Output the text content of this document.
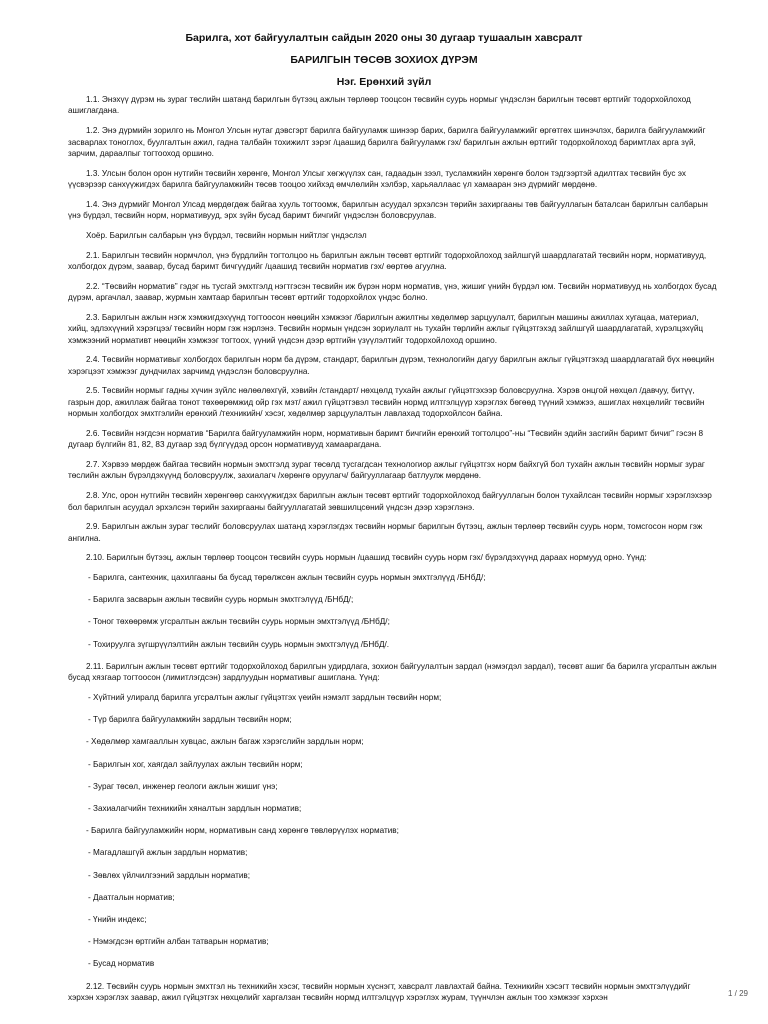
Барилга, хот байгуулалтын сайдын 2020 оны 30 дугаар тушаалын хавсралт

БАРИЛГЫН ТӨСӨВ ЗОХИОХ ДҮРЭМ

Нэг. Ерөнхий зүйл

1.1. Энэхүү дүрэм нь зураг төслийн шатанд барилгын бүтээц ажлын төрлөөр тооцсон төсвийн суурь нормыг үндэслэн барилгын төсөвт өртгийг тодорхойлоход ашиглагдана.

1.2. Энэ дүрмийн зорилго нь Монгол Улсын нутаг дэвсгэрт барилга байгууламж шинээр барих, барилга байгууламжийг өргөтгөх шинэчлэх, барилга байгууламжийг засварлах тоноглох, буулгалтын ажил, гадна талбайн тохижилт зэрэг /цаашид барилга байгууламж гэх/ барилгын ажлын өртгийг тодорхойлоход баримтлах арга зүй, зарчим, дараалпыг тогтооход оршино.

1.3. Улсын болон орон нутгийн төсвийн хөрөнгө, Монгол Улсыг хөгжүүлэх сан, гадаадын зээл, тусламжийн хөрөнгө болон тэдгээртэй адилтгах төсвийн бус эх үүсвэрээр санхүүжигдэх барилга байгууламжийн төсөв тооцоо хийхэд өмчлөлийн хэлбэр, харьяаллаас үл хамааран энэ дүрмийг мөрдөнө.

1.4. Энэ дүрмийг Монгол Улсад мөрдөгдөж байгаа хууль тогтоомж, барилгын асуудал эрхэлсэн төрийн захиргааны төв байгууллагын баталсан барилгын салбарын үнэ бүрдэл, төсвийн норм, нормативууд, эрх зүйн бусад баримт бичгийг үндэслэн боловсруулав.

Хоёр. Барилгын салбарын үнэ бүрдэл, төсвийн нормын нийтлэг үндэслэл

2.1. Барилгын төсвийн нормчлол, үнэ бүрдлийн тогтолцоо нь барилгын ажлын төсөвт өртгийг тодорхойлоход зайлшгүй шаардлагатай төсвийн норм, нормативууд, холбогдох дүрэм, заавар, бусад баримт бичгүүдийг /цаашид төсвийн норматив гэх/ өөртөө агуулна.

2.2. “Төсвийн норматив” гэдэг нь тусгай эмхтгэлд нэгтгэсэн төсвийн иж бүрэн норм норматив, үнэ, жишиг үнийн бүрдэл юм. Төсвийн нормативууд нь холбогдох бусад дүрэм, аргачлал, заавар, журмын хамтаар барилгын төсөвт өртгийг тодорхойлох үндэс болно.

2.3. Барилгын ажлын нэгж хэмжигдэхүүнд тогтоосон нөөцийн хэмжээг /барилгын ажилтны хөдөлмөр зарцуулалт, барилгын машины ажиллах хугацаа, материал, хийц, эдлэхүүний хэрэгцээ/ төсвийн норм гэж нэрлэнэ. Төсвийн нормын үндсэн зориулалт нь тухайн төрлийн ажлыг гүйцэтгэхэд зайлшгүй шаардлагатай, хүрэлцэхүйц хэмжээний нормативт нөөцийн хэмжээг тогтоох, үүний үндсэн дээр өртгийн үзүүлэлтийг тодорхойлоход оршино.

2.4. Төсвийн нормативыг холбогдох барилгын норм ба дүрэм, стандарт, барилгын дүрэм, технологийн дагуу барилгын ажлыг гүйцэтгэхэд шаардлагатай бүх нөөцийн хэрэгцээт хэмжээг дундчилах зарчимд үндэслэн боловсруулна.

2.5. Төсвийн нормыг гадны хүчин зүйлс нөлөөлөхгүй, хэвийн /стандарт/ нөхцөлд тухайн ажлыг гүйцэтгэхээр боловсруулна. Хэрэв онцгой нөхцөл /давчуу, битүү, газрын дор, ажиллаж байгаа тонот төхөөрөмжид ойр гэх мэт/ ажил гүйцэтгэвэл төсвийн нормд илтгэлцүүр хэрэглэх бөгөөд түүний хэмжээ, ашиглах нөхцөлийг төсвийн нормын холбогдох эмхтгэлийн ерөнхий /техникийн/ хэсэг, хөдөлмөр зарцуулалтын лавлахад тодорхойлсон байна.

2.6. Төсвийн нэгдсэн норматив “Барилга байгууламжийн норм, нормативын баримт бичгийн ерөнхий тогтолцоо”-ны “Төсвийн эдийн засгийн баримт бичиг” гэсэн 8 дугаар бүлгийн 81, 82, 83 дугаар зэд бүлгүүдэд орсон нормативууд хамаарагдана.

2.7. Хэрвээ мөрдөж байгаа төсвийн нормын эмхтгэлд зураг төсөлд тусгагдсан технологиор ажлыг гүйцэтгэх норм байхгүй бол тухайн ажлын төсвийн нормыг зураг төслийн ажлын бүрэлдэхүүнд боловсруулж, захиалагч /хөрөнгө оруулагч/ байгууллагаар батлуулж мөрдөнө.

2.8. Улс, орон нутгийн төсвийн хөрөнгөөр санхүүжигдэх барилгын ажлын төсөвт өртгийг тодорхойлоход байгууллагын болон тухайлсан төсвийн нормыг хэрэглэхээр бол барилгын асуудал эрхэлсэн төрийн захиргааны байгууллагатай зөвшилцсөний үндсэн дээр хэрэглэнэ.

2.9. Барилгын ажлын зураг төслийг боловсруулах шатанд хэрэглэгдэх төсвийн нормыг барилгын бүтээц, ажлын төрлөөр төсвийн суурь норм, томсгосон норм гэж ангилна.

2.10. Барилгын бүтээц, ажлын төрлөөр тооцсон төсвийн суурь нормын /цаашид төсвийн суурь норм гэх/ бүрэлдэхүүнд дараах нормууд орно. Үүнд:

- Барилга, сантехник, цахилгааны ба бусад төрөлжсөн ажлын төсвийн суурь нормын эмхтгэлүүд /БНбД/;

- Барилга засварын ажлын төсвийн суурь нормын эмхтгэлүүд /БНбД/;

- Тоног төхөөрөмж угсралтын ажлын төсвийн суурь нормын эмхтгэлүүд /БНбД/;

- Тохируулга зүгшрүүлэлтийн ажлын төсвийн суурь нормын эмхтгэлүүд /БНбД/.

2.11. Барилгын ажлын төсөвт өртгийг тодорхойлоход барилгын удирдлага, зохион байгуулалтын зардал (нэмэгдэл зардал), төсөвт ашиг ба барилга угсралтын ажлын бусад хязгаар тогтоосон (лимитлэгдсэн) зардлуудын нормативыг ашиглана. Үүнд:

- Хүйтний улиралд барилга угсралтын ажлыг гүйцэтгэх үеийн нэмэлт зардлын төсвийн норм;

- Түр барилга байгууламжийн зардлын төсвийн норм;

- Хөдөлмөр хамгааллын хувцас, ажлын багаж хэрэгслийн зардлын норм;

- Барилгын хог, хаягдал зайлуулах ажлын төсвийн норм;

- Зураг төсөл, инженер геологи ажлын жишиг үнэ;

- Захиалагчийн техникийн хяналтын зардлын норматив;

- Барилга байгууламжийн норм, нормативын санд хөрөнгө төвлөрүүлэх норматив;

- Магадлашгүй ажлын зардлын норматив;

- Зөвлөх үйлчилгээний зардлын норматив;

- Даатгалын норматив;

- Үнийн индекс;

- Нэмэгдсэн өртгийн албан татварын норматив;

- Бусад норматив

2.12. Төсвийн суурь нормын эмхтгэл нь техникийн хэсэг, төсвийн нормын хүснэгт, хавсралт лавлахтай байна. Техникийн хэсэгт төсвийн нормын эмхтгэлүүдийг хэрхэн хэрэглэх заавар, ажил гүйцэтгэх нөхцөлийг харгалзан төсвийн нормд илтгэлцүүр хэрэглэх журам, түүнчлэн ажлын тоо хэмжээг хэрхэн	1 / 29
